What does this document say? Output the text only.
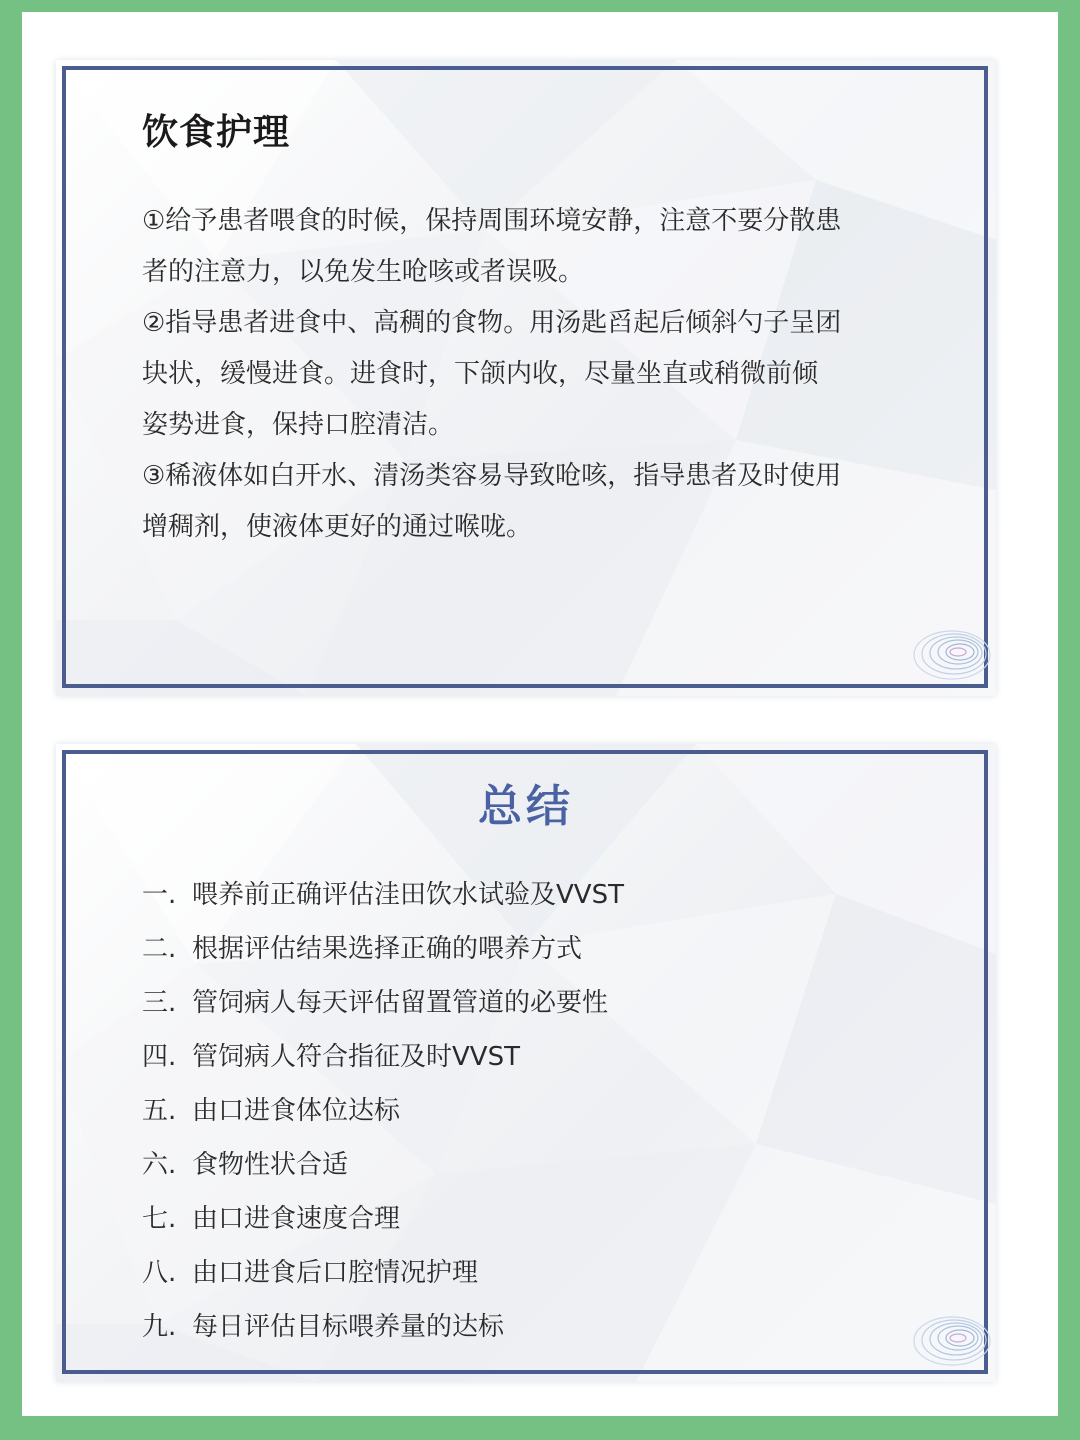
饮食护理

①给予患者喂食的时候，保持周围环境安静，注意不要分散患者的注意力，以免发生呛咳或者误吸。

②指导患者进食中、高稠的食物。用汤匙舀起后倾斜勺子呈团块状，缓慢进食。进食时，下颌内收，尽量坐直或稍微前倾姿势进食，保持口腔清洁。

③稀液体如白开水、清汤类容易导致呛咳，指导患者及时使用增稠剂，使液体更好的通过喉咙。

总结
一. 喂养前正确评估洼田饮水试验及VVST
二. 根据评估结果选择正确的喂养方式
三. 管饲病人每天评估留置管道的必要性
四. 管饲病人符合指征及时VVST
五. 由口进食体位达标
六. 食物性状合适
七. 由口进食速度合理
八. 由口进食后口腔情况护理
九. 每日评估目标喂养量的达标
